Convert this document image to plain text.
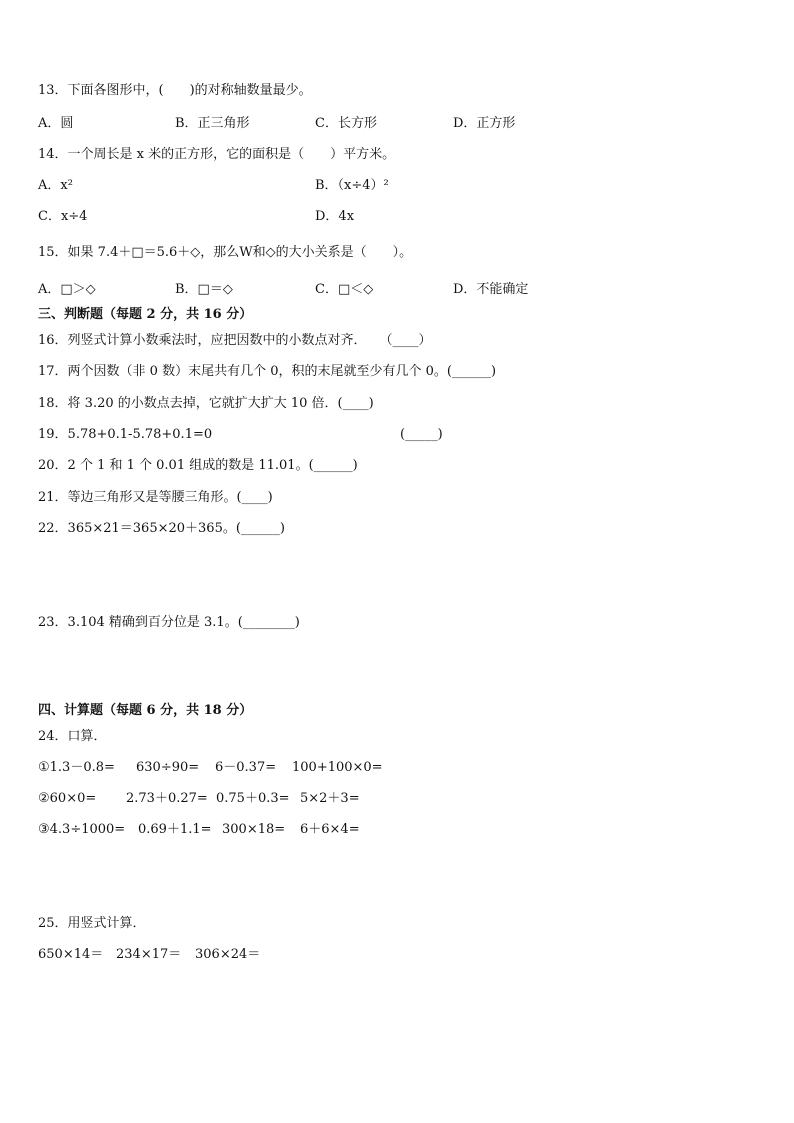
13．下面各图形中，(　　)的对称轴数量最少。
A．圆	B．正三角形	C．长方形	D．正方形
14．一个周长是 x 米的正方形，它的面积是（　　）平方米。
A．x²	B．（x÷4）²
C．x÷4	D．4x
15．如果 7.4＋□＝5.6＋◇，那么W和◇的大小关系是（　　）。
A．□＞◇	B．□＝◇	C．□＜◇	D．不能确定
三、判断题（每题 2 分，共 16 分）
16．列竖式计算小数乘法时，应把因数中的小数点对齐．　　（____）
17．两个因数（非 0 数）末尾共有几个 0，积的末尾就至少有几个 0。(______)
18．将 3.20 的小数点去掉，它就扩大扩大 10 倍．(____)
19．5.78+0.1-5.78+0.1=0	(_____)
20．2 个 1 和 1 个 0.01 组成的数是 11.01。(______)
21．等边三角形又是等腰三角形。(____)
22．365×21＝365×20＋365。(______)
23．3.104 精确到百分位是 3.1。(________)
四、计算题（每题 6 分，共 18 分）
24．口算．
①1.3－0.8= 630÷90= 6－0.37= 100+100×0=
②60×0= 2.73＋0.27= 0.75＋0.3= 5×2＋3=
③4.3÷1000= 0.69＋1.1= 300×18= 6＋6×4=
25．用竖式计算．
650×14＝ 234×17＝ 306×24＝
